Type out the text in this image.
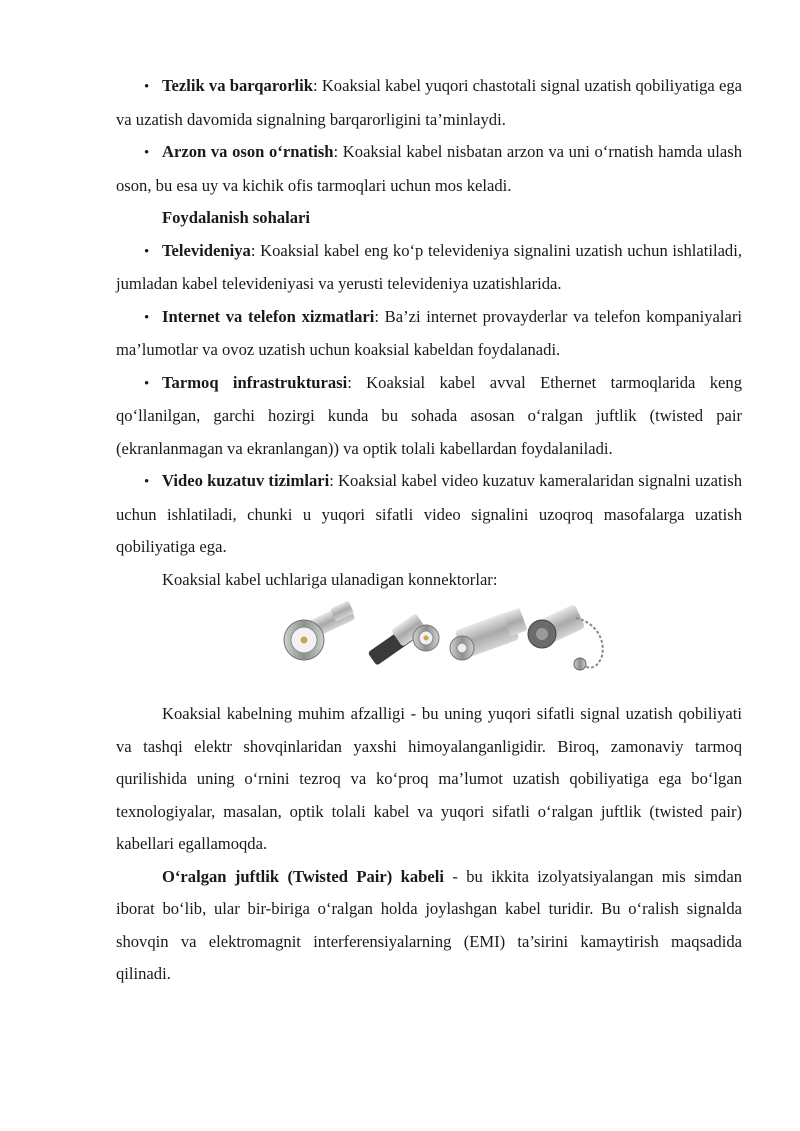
• Tezlik va barqarorlik: Koaksial kabel yuqori chastotali signal uzatish qobiliyatiga ega va uzatish davomida signalning barqarorligini ta’minlaydi.

• Arzon va oson o‘rnatish: Koaksial kabel nisbatan arzon va uni o‘rnatish hamda ulash oson, bu esa uy va kichik ofis tarmoqlari uchun mos keladi.

Foydalanish sohalari

• Televideniya: Koaksial kabel eng ko‘p televideniya signalini uzatish uchun ishlatiladi, jumladan kabel televideniyasi va yerusti televideniya uzatishlarida.

• Internet va telefon xizmatlari: Ba’zi internet provayderlar va telefon kompaniyalari ma’lumotlar va ovoz uzatish uchun koaksial kabeldan foydalanadi.

• Tarmoq infrastrukturasi: Koaksial kabel avval Ethernet tarmoqlarida keng qo‘llanilgan, garchi hozirgi kunda bu sohada asosan o‘ralgan juftlik (twisted pair (ekranlanmagan va ekranlangan)) va optik tolali kabellardan foydalaniladi.

• Video kuzatuv tizimlari: Koaksial kabel video kuzatuv kameralaridan signalni uzatish uchun ishlatiladi, chunki u yuqori sifatli video signalini uzoqroq masofalarga uzatish qobiliyatiga ega.

Koaksial kabel uchlariga ulanadigan konnektorlar:

Koaksial kabelning muhim afzalligi - bu uning yuqori sifatli signal uzatish qobiliyati va tashqi elektr shovqinlaridan yaxshi himoyalanganligidir. Biroq, zamonaviy tarmoq qurilishida uning o‘rnini tezroq va ko‘proq ma’lumot uzatish qobiliyatiga ega bo‘lgan texnologiyalar, masalan, optik tolali kabel va yuqori sifatli o‘ralgan juftlik (twisted pair) kabellari egallamoqda.

O‘ralgan juftlik (Twisted Pair) kabeli - bu ikkita izolyatsiyalangan mis simdan iborat bo‘lib, ular bir-biriga o‘ralgan holda joylashgan kabel turidir. Bu o‘ralish signalda shovqin va elektromagnit interferensiyalarning (EMI) ta’sirini kamaytirish maqsadida qilinadi.
